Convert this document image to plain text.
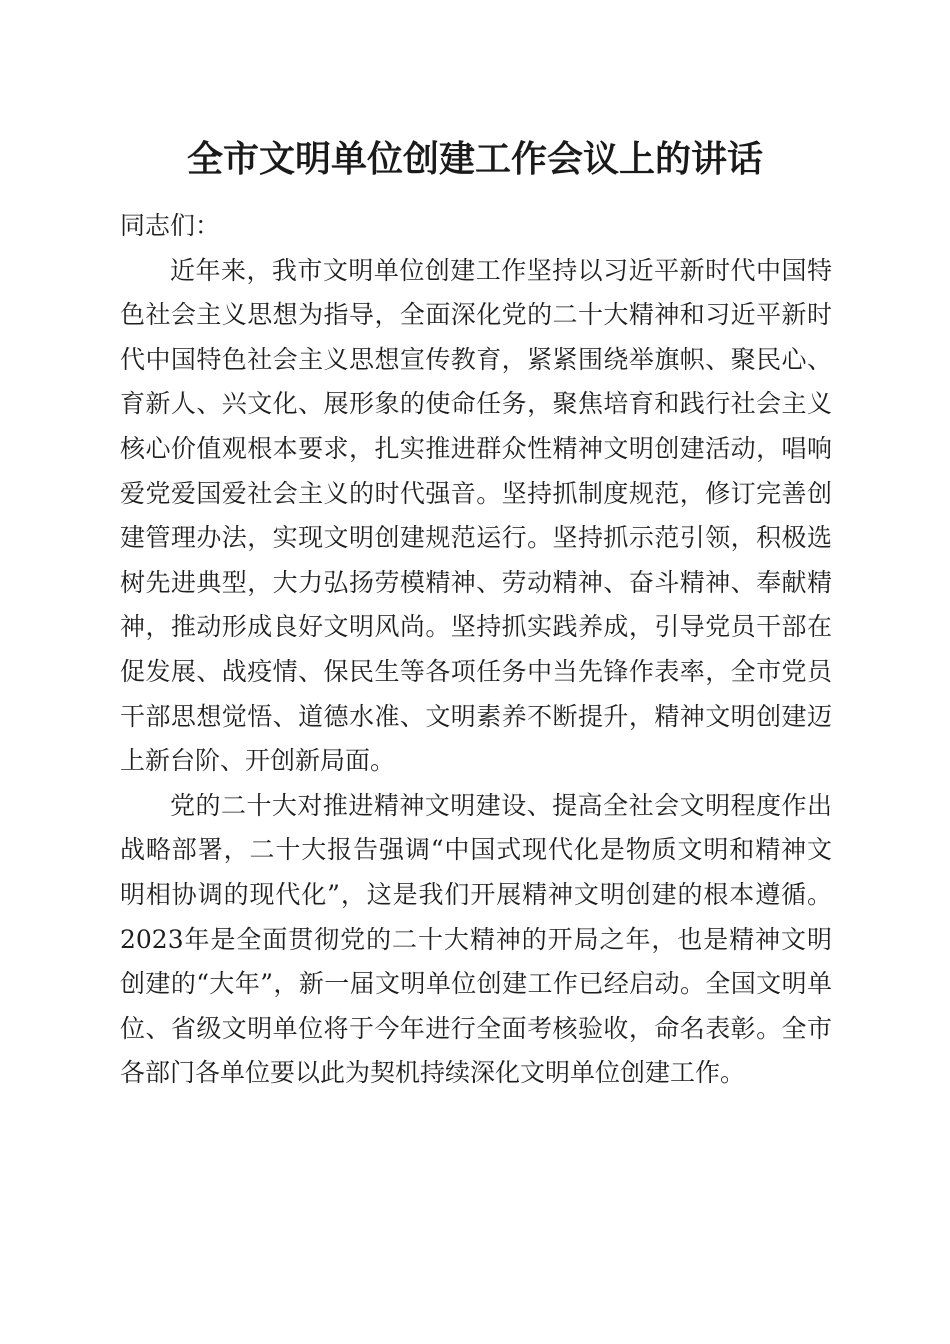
全市文明单位创建工作会议上的讲话

同志们：

近年来，我市文明单位创建工作坚持以习近平新时代中国特色社会主义思想为指导，全面深化党的二十大精神和习近平新时代中国特色社会主义思想宣传教育，紧紧围绕举旗帜、聚民心、育新人、兴文化、展形象的使命任务，聚焦培育和践行社会主义核心价值观根本要求，扎实推进群众性精神文明创建活动，唱响爱党爱国爱社会主义的时代强音。坚持抓制度规范，修订完善创建管理办法，实现文明创建规范运行。坚持抓示范引领，积极选树先进典型，大力弘扬劳模精神、劳动精神、奋斗精神、奉献精神，推动形成良好文明风尚。坚持抓实践养成，引导党员干部在促发展、战疫情、保民生等各项任务中当先锋作表率，全市党员干部思想觉悟、道德水准、文明素养不断提升，精神文明创建迈上新台阶、开创新局面。

党的二十大对推进精神文明建设、提高全社会文明程度作出战略部署，二十大报告强调“中国式现代化是物质文明和精神文明相协调的现代化”，这是我们开展精神文明创建的根本遵循。2023年是全面贯彻党的二十大精神的开局之年，也是精神文明创建的“大年”，新一届文明单位创建工作已经启动。全国文明单位、省级文明单位将于今年进行全面考核验收，命名表彰。全市各部门各单位要以此为契机持续深化文明单位创建工作。
